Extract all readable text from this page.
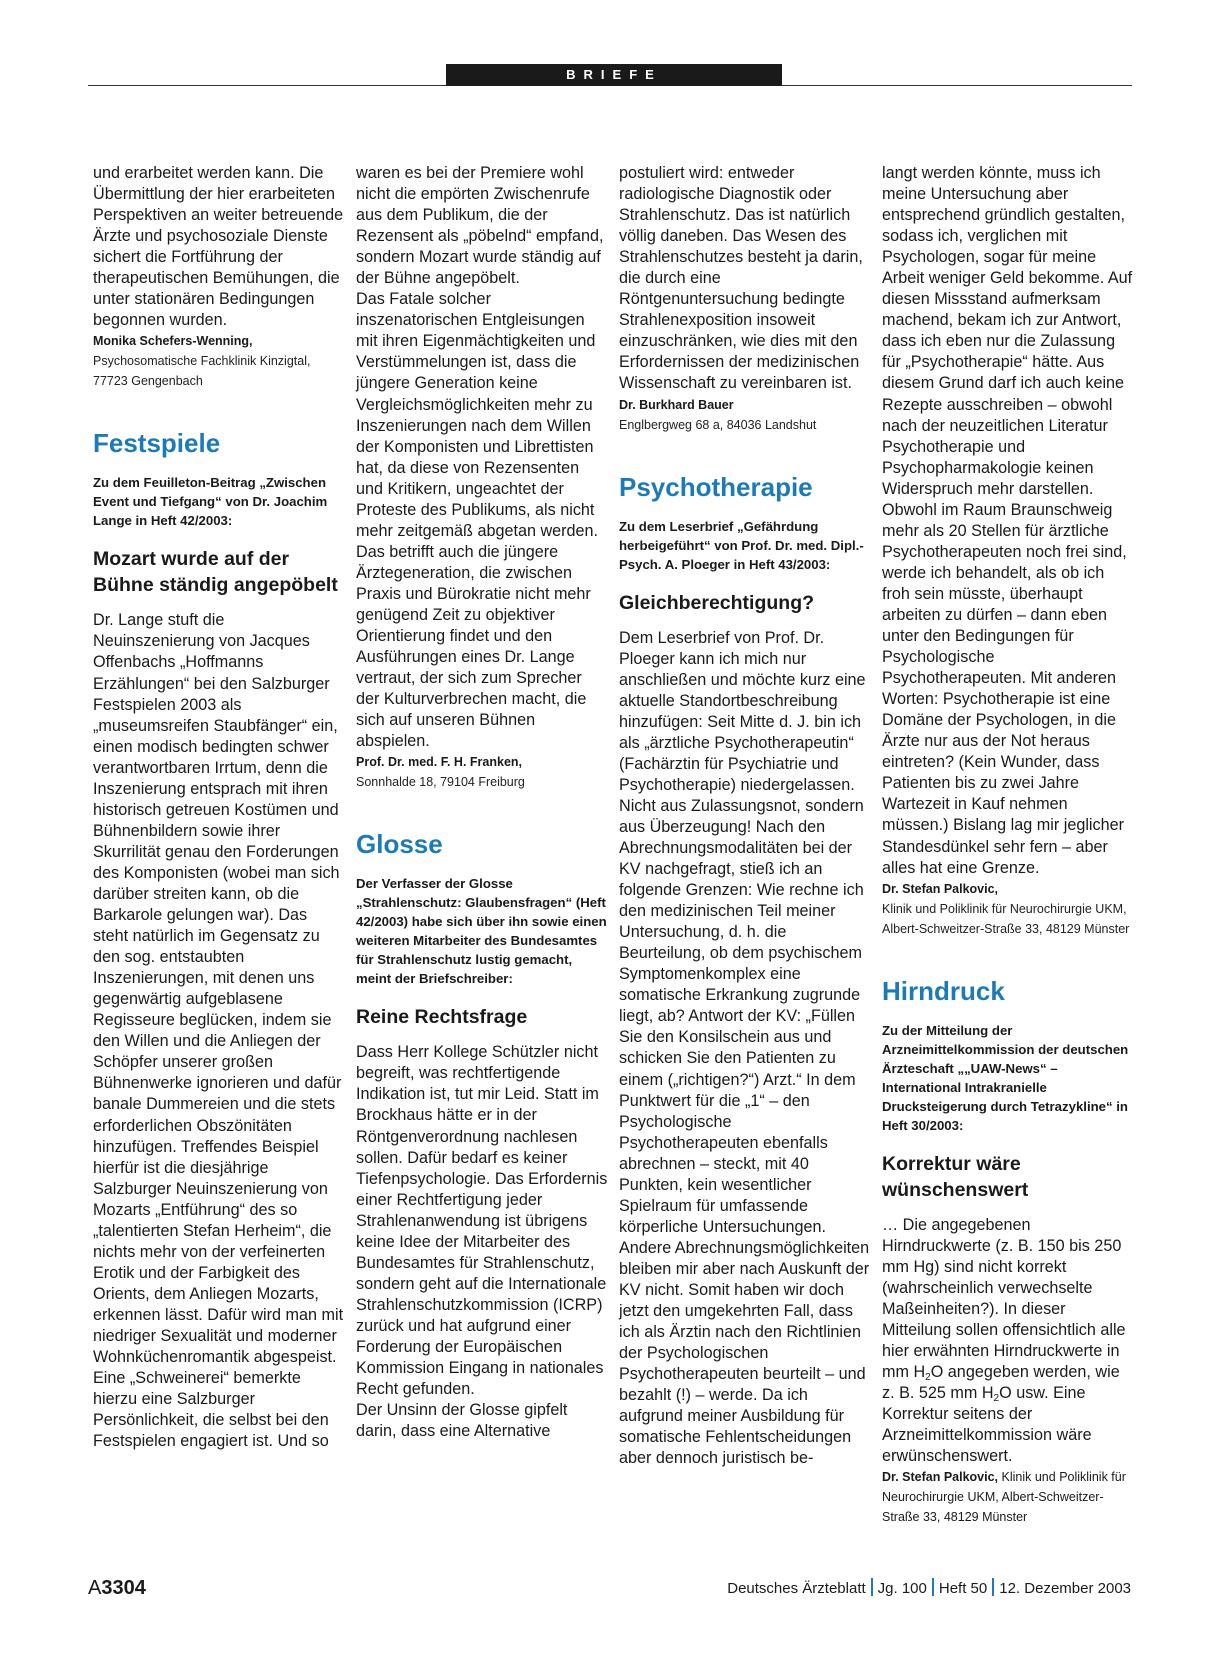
BRIEFE

und erarbeitet werden kann. Die Übermittlung der hier erarbeiteten Perspektiven an weiter betreuende Ärzte und psychosoziale Dienste sichert die Fortführung der therapeutischen Bemühungen, die unter stationären Bedingungen begonnen wurden.

Monika Schefers-Wenning,

Psychosomatische Fachklinik Kinzigtal,

77723 Gengenbach

Festspiele

Zu dem Feuilleton-Beitrag „Zwischen Event und Tiefgang“ von Dr. Joachim Lange in Heft 42/2003:

Mozart wurde auf der Bühne ständig angepöbelt

Dr. Lange stuft die Neuinszenierung von Jacques Offenbachs „Hoffmanns Erzählungen“ bei den Salzburger Festspielen 2003 als „museumsreifen Staubfänger“ ein, einen modisch bedingten schwer verantwortbaren Irrtum, denn die Inszenierung entsprach mit ihren historisch getreuen Kostümen und Bühnenbildern sowie ihrer Skurrilität genau den Forderungen des Komponisten (wobei man sich darüber streiten kann, ob die Barkarole gelungen war). Das steht natürlich im Gegensatz zu den sog. entstaubten Inszenierungen, mit denen uns gegenwärtig aufgeblasene Regisseure beglücken, indem sie den Willen und die Anliegen der Schöpfer unserer großen Bühnenwerke ignorieren und dafür banale Dummereien und die stets erforderlichen Obszönitäten hinzufügen. Treffendes Beispiel hierfür ist die diesjährige Salzburger Neuinszenierung von Mozarts „Entführung“ des so „talentierten Stefan Herheim“, die nichts mehr von der verfeinerten Erotik und der Farbigkeit des Orients, dem Anliegen Mozarts, erkennen lässt. Dafür wird man mit niedriger Sexualität und moderner Wohnküchenromantik abgespeist. Eine „Schweinerei“ bemerkte hierzu eine Salzburger Persönlichkeit, die selbst bei den Festspielen engagiert ist. Und so

waren es bei der Premiere wohl nicht die empörten Zwischenrufe aus dem Publikum, die der Rezensent als „pöbelnd“ empfand, sondern Mozart wurde ständig auf der Bühne angepöbelt.

Das Fatale solcher inszenatorischen Entgleisungen mit ihren Eigenmächtigkeiten und Verstümmelungen ist, dass die jüngere Generation keine Vergleichsmöglichkeiten mehr zu Inszenierungen nach dem Willen der Komponisten und Librettisten hat, da diese von Rezensenten und Kritikern, ungeachtet der Proteste des Publikums, als nicht mehr zeitgemäß abgetan werden. Das betrifft auch die jüngere Ärztegeneration, die zwischen Praxis und Bürokratie nicht mehr genügend Zeit zu objektiver Orientierung findet und den Ausführungen eines Dr. Lange vertraut, der sich zum Sprecher der Kulturverbrechen macht, die sich auf unseren Bühnen abspielen.

Prof. Dr. med. F. H. Franken,

Sonnhalde 18, 79104 Freiburg

Glosse

Der Verfasser der Glosse „Strahlenschutz: Glaubensfragen“ (Heft 42/2003) habe sich über ihn sowie einen weiteren Mitarbeiter des Bundesamtes für Strahlenschutz lustig gemacht, meint der Briefschreiber:

Reine Rechtsfrage

Dass Herr Kollege Schützler nicht begreift, was rechtfertigende Indikation ist, tut mir Leid. Statt im Brockhaus hätte er in der Röntgenverordnung nachlesen sollen. Dafür bedarf es keiner Tiefenpsychologie. Das Erfordernis einer Rechtfertigung jeder Strahlenanwendung ist übrigens keine Idee der Mitarbeiter des Bundesamtes für Strahlenschutz, sondern geht auf die Internationale Strahlenschutzkommission (ICRP) zurück und hat aufgrund einer Forderung der Europäischen Kommission Eingang in nationales Recht gefunden.

Der Unsinn der Glosse gipfelt darin, dass eine Alternative

postuliert wird: entweder radiologische Diagnostik oder Strahlenschutz. Das ist natürlich völlig daneben. Das Wesen des Strahlenschutzes besteht ja darin, die durch eine Röntgenuntersuchung bedingte Strahlenexposition insoweit einzuschränken, wie dies mit den Erfordernissen der medizinischen Wissenschaft zu vereinbaren ist.

Dr. Burkhard Bauer

Englbergweg 68 a, 84036 Landshut

Psychotherapie

Zu dem Leserbrief „Gefährdung herbeigeführt“ von Prof. Dr. med. Dipl.-Psych. A. Ploeger in Heft 43/2003:

Gleichberechtigung?

Dem Leserbrief von Prof. Dr. Ploeger kann ich mich nur anschließen und möchte kurz eine aktuelle Standortbeschreibung hinzufügen: Seit Mitte d. J. bin ich als „ärztliche Psychotherapeutin“ (Fachärztin für Psychiatrie und Psychotherapie) niedergelassen. Nicht aus Zulassungsnot, sondern aus Überzeugung! Nach den Abrechnungsmodalitäten bei der KV nachgefragt, stieß ich an folgende Grenzen: Wie rechne ich den medizinischen Teil meiner Untersuchung, d. h. die Beurteilung, ob dem psychischem Symptomenkomplex eine somatische Erkrankung zugrunde liegt, ab? Antwort der KV: „Füllen Sie den Konsilschein aus und schicken Sie den Patienten zu einem („richtigen?“) Arzt.“ In dem Punktwert für die „1“ – den Psychologische Psychotherapeuten ebenfalls abrechnen – steckt, mit 40 Punkten, kein wesentlicher Spielraum für umfassende körperliche Untersuchungen. Andere Abrechnungsmöglichkeiten bleiben mir aber nach Auskunft der KV nicht. Somit haben wir doch jetzt den umgekehrten Fall, dass ich als Ärztin nach den Richtlinien der Psychologischen Psychotherapeuten beurteilt – und bezahlt (!) – werde. Da ich aufgrund meiner Ausbildung für somatische Fehlentscheidungen aber dennoch juristisch be-

langt werden könnte, muss ich meine Untersuchung aber entsprechend gründlich gestalten, sodass ich, verglichen mit Psychologen, sogar für meine Arbeit weniger Geld bekomme. Auf diesen Missstand aufmerksam machend, bekam ich zur Antwort, dass ich eben nur die Zulassung für „Psychotherapie“ hätte. Aus diesem Grund darf ich auch keine Rezepte ausschreiben – obwohl nach der neuzeitlichen Literatur Psychotherapie und Psychopharmakologie keinen Widerspruch mehr darstellen. Obwohl im Raum Braunschweig mehr als 20 Stellen für ärztliche Psychotherapeuten noch frei sind, werde ich behandelt, als ob ich froh sein müsste, überhaupt arbeiten zu dürfen – dann eben unter den Bedingungen für Psychologische Psychotherapeuten. Mit anderen Worten: Psychotherapie ist eine Domäne der Psychologen, in die Ärzte nur aus der Not heraus eintreten? (Kein Wunder, dass Patienten bis zu zwei Jahre Wartezeit in Kauf nehmen müssen.) Bislang lag mir jeglicher Standesdünkel sehr fern – aber alles hat eine Grenze.

Dr. Stefan Palkovic,

Klinik und Poliklinik für Neurochirurgie UKM, Albert-Schweitzer-Straße 33, 48129 Münster

Hirndruck

Zu der Mitteilung der Arzneimittelkommission der deutschen Ärzteschaft „„UAW-News“ – International Intrakranielle Drucksteigerung durch Tetrazykline“ in Heft 30/2003:

Korrektur wäre wünschenswert

… Die angegebenen Hirndruckwerte (z. B. 150 bis 250 mm Hg) sind nicht korrekt (wahrscheinlich verwechselte Maßeinheiten?). In dieser Mitteilung sollen offensichtlich alle hier erwähnten Hirndruckwerte in mm $H_2O$ angegeben werden, wie z. B. 525 mm $H_2O$ usw. Eine Korrektur seitens der Arzneimittelkommission wäre erwünschenswert.

Dr. Stefan Palkovic, Klinik und Poliklinik für Neurochirurgie UKM, Albert-Schweitzer-Straße 33, 48129 Münster

A3304	Deutsches Ärzteblatt Jg. 100 Heft 50 12. Dezember 2003
